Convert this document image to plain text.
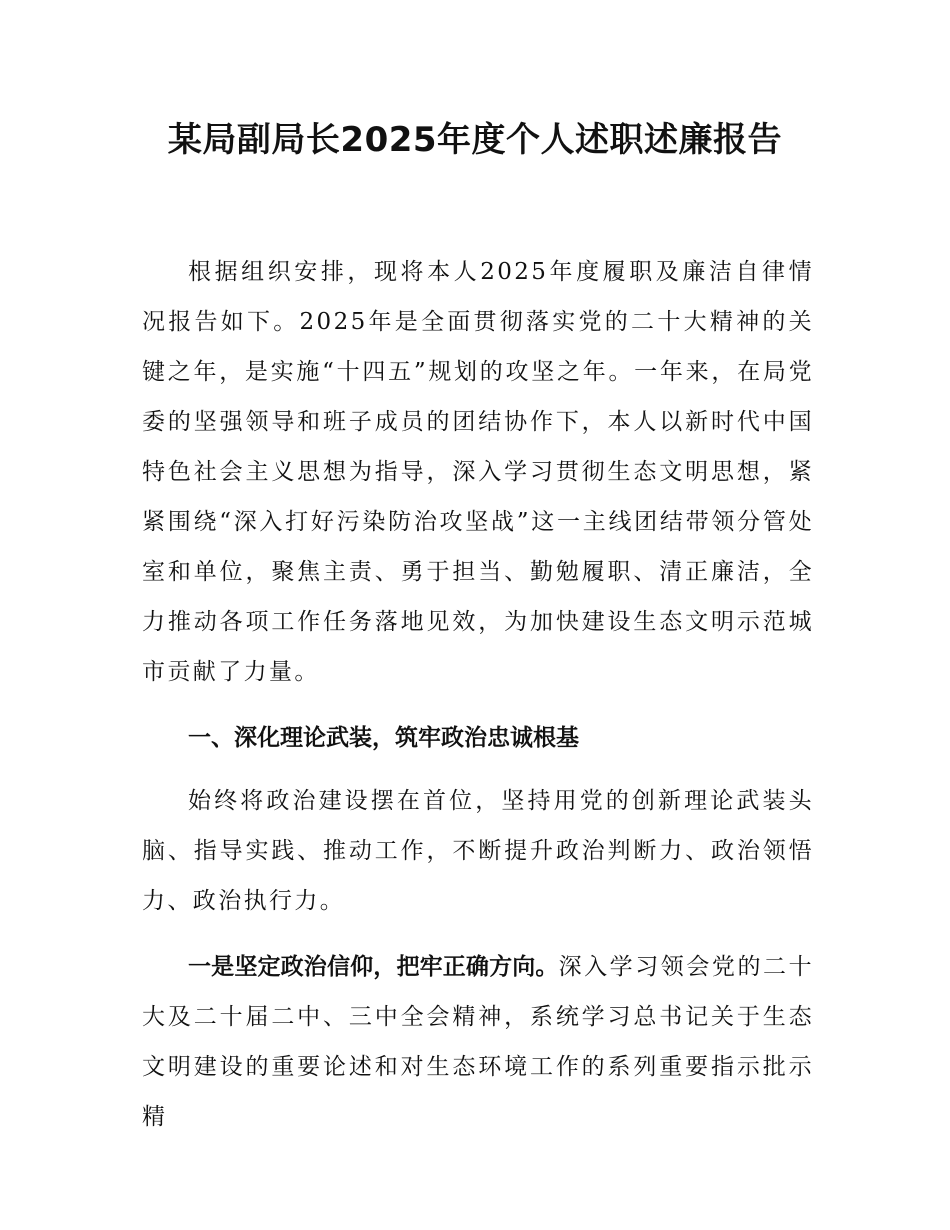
某局副局长2025年度个人述职述廉报告

根据组织安排，现将本人2025年度履职及廉洁自律情况报告如下。2025年是全面贯彻落实党的二十大精神的关键之年，是实施“十四五”规划的攻坚之年。一年来，在局党委的坚强领导和班子成员的团结协作下，本人以新时代中国特色社会主义思想为指导，深入学习贯彻生态文明思想，紧紧围绕“深入打好污染防治攻坚战”这一主线团结带领分管处室和单位，聚焦主责、勇于担当、勤勉履职、清正廉洁，全力推动各项工作任务落地见效，为加快建设生态文明示范城市贡献了力量。

一、深化理论武装，筑牢政治忠诚根基

始终将政治建设摆在首位，坚持用党的创新理论武装头脑、指导实践、推动工作，不断提升政治判断力、政治领悟力、政治执行力。

一是坚定政治信仰，把牢正确方向。深入学习领会党的二十大及二十届二中、三中全会精神，系统学习总书记关于生态文明建设的重要论述和对生态环境工作的系列重要指示批示精
